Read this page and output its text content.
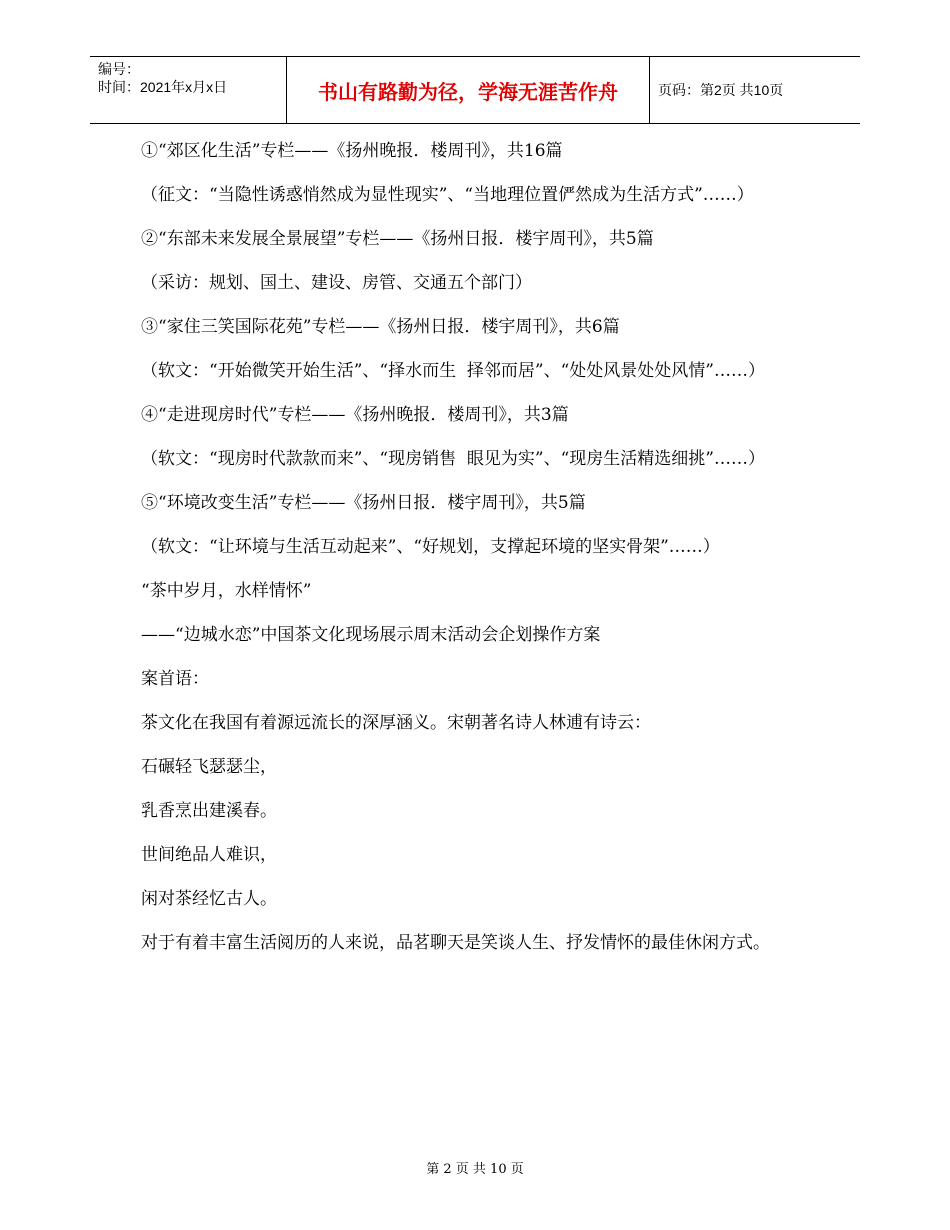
编号：
时间：2021年x月x日	书山有路勤为径，学海无涯苦作舟	页码：第2页 共10页

①“郊区化生活”专栏——《扬州晚报．楼周刊》，共16篇

（征文：“当隐性诱惑悄然成为显性现实”、“当地理位置俨然成为生活方式”……）

②“东部未来发展全景展望”专栏——《扬州日报．楼宇周刊》，共5篇

（采访：规划、国土、建设、房管、交通五个部门）

③“家住三笑国际花苑”专栏——《扬州日报．楼宇周刊》，共6篇

（软文：“开始微笑开始生活”、“择水而生  择邻而居”、“处处风景处处风情”……）

④“走进现房时代”专栏——《扬州晚报．楼周刊》，共3篇

（软文：“现房时代款款而来”、“现房销售  眼见为实”、“现房生活精选细挑”……）

⑤“环境改变生活”专栏——《扬州日报．楼宇周刊》，共5篇

（软文：“让环境与生活互动起来”、“好规划，支撑起环境的坚实骨架”……）

“茶中岁月，水样情怀”

——“边城水恋”中国茶文化现场展示周末活动会企划操作方案

案首语：

茶文化在我国有着源远流长的深厚涵义。宋朝著名诗人林逋有诗云：

石碾轻飞瑟瑟尘，

乳香烹出建溪春。

世间绝品人难识，

闲对茶经忆古人。

对于有着丰富生活阅历的人来说，品茗聊天是笑谈人生、抒发情怀的最佳休闲方式。

第 2 页 共 10 页
